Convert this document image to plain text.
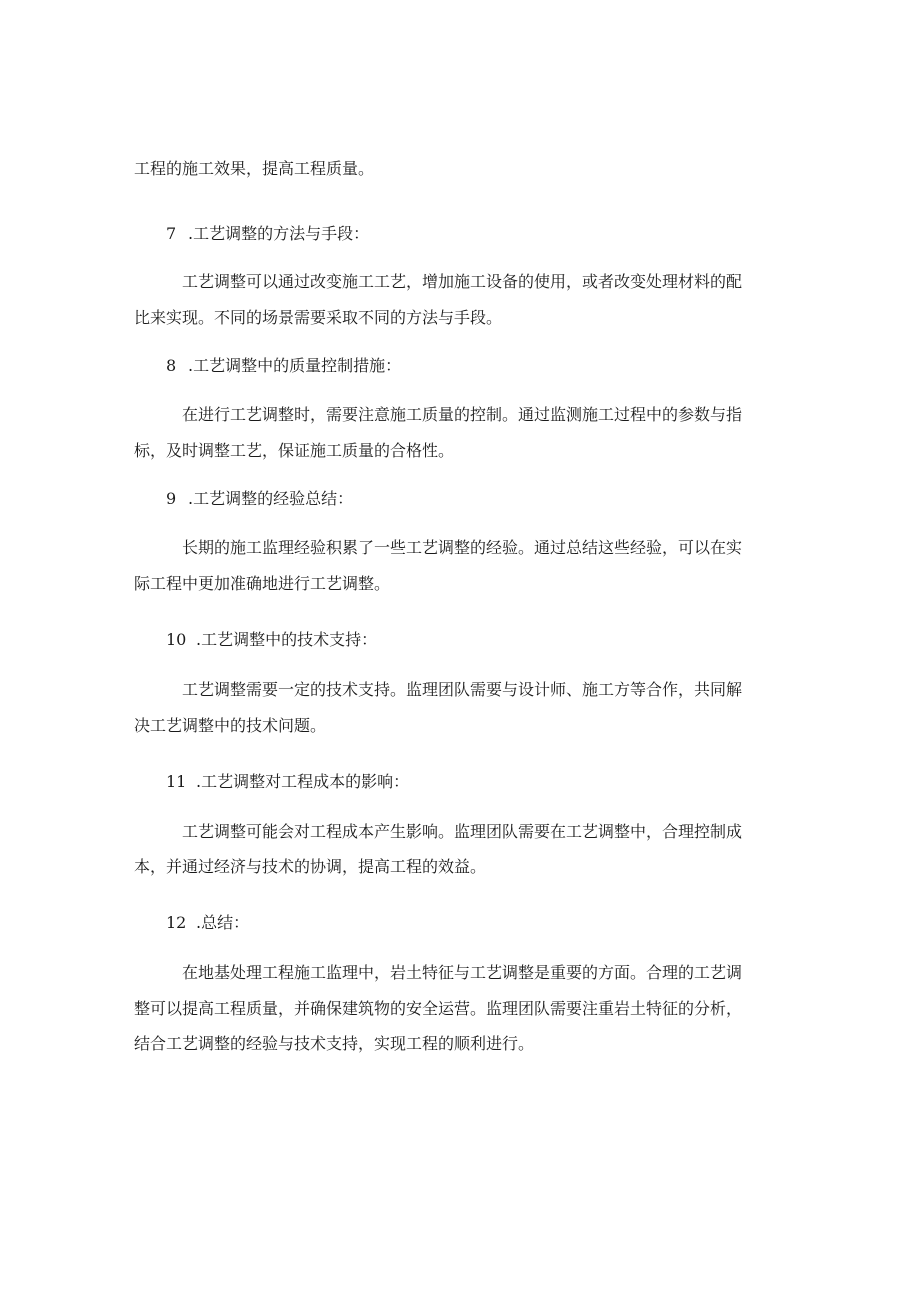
工程的施工效果，提高工程质量。
7 .工艺调整的方法与手段：
工艺调整可以通过改变施工工艺，增加施工设备的使用，或者改变处理材料的配
比来实现。不同的场景需要采取不同的方法与手段。
8 .工艺调整中的质量控制措施：
在进行工艺调整时，需要注意施工质量的控制。通过监测施工过程中的参数与指
标，及时调整工艺，保证施工质量的合格性。
9 .工艺调整的经验总结：
长期的施工监理经验积累了一些工艺调整的经验。通过总结这些经验，可以在实
际工程中更加准确地进行工艺调整。
10 .工艺调整中的技术支持：
工艺调整需要一定的技术支持。监理团队需要与设计师、施工方等合作，共同解
决工艺调整中的技术问题。
11 .工艺调整对工程成本的影响：
工艺调整可能会对工程成本产生影响。监理团队需要在工艺调整中，合理控制成
本，并通过经济与技术的协调，提高工程的效益。
12 .总结：
在地基处理工程施工监理中，岩土特征与工艺调整是重要的方面。合理的工艺调
整可以提高工程质量，并确保建筑物的安全运营。监理团队需要注重岩土特征的分析，
结合工艺调整的经验与技术支持，实现工程的顺利进行。
